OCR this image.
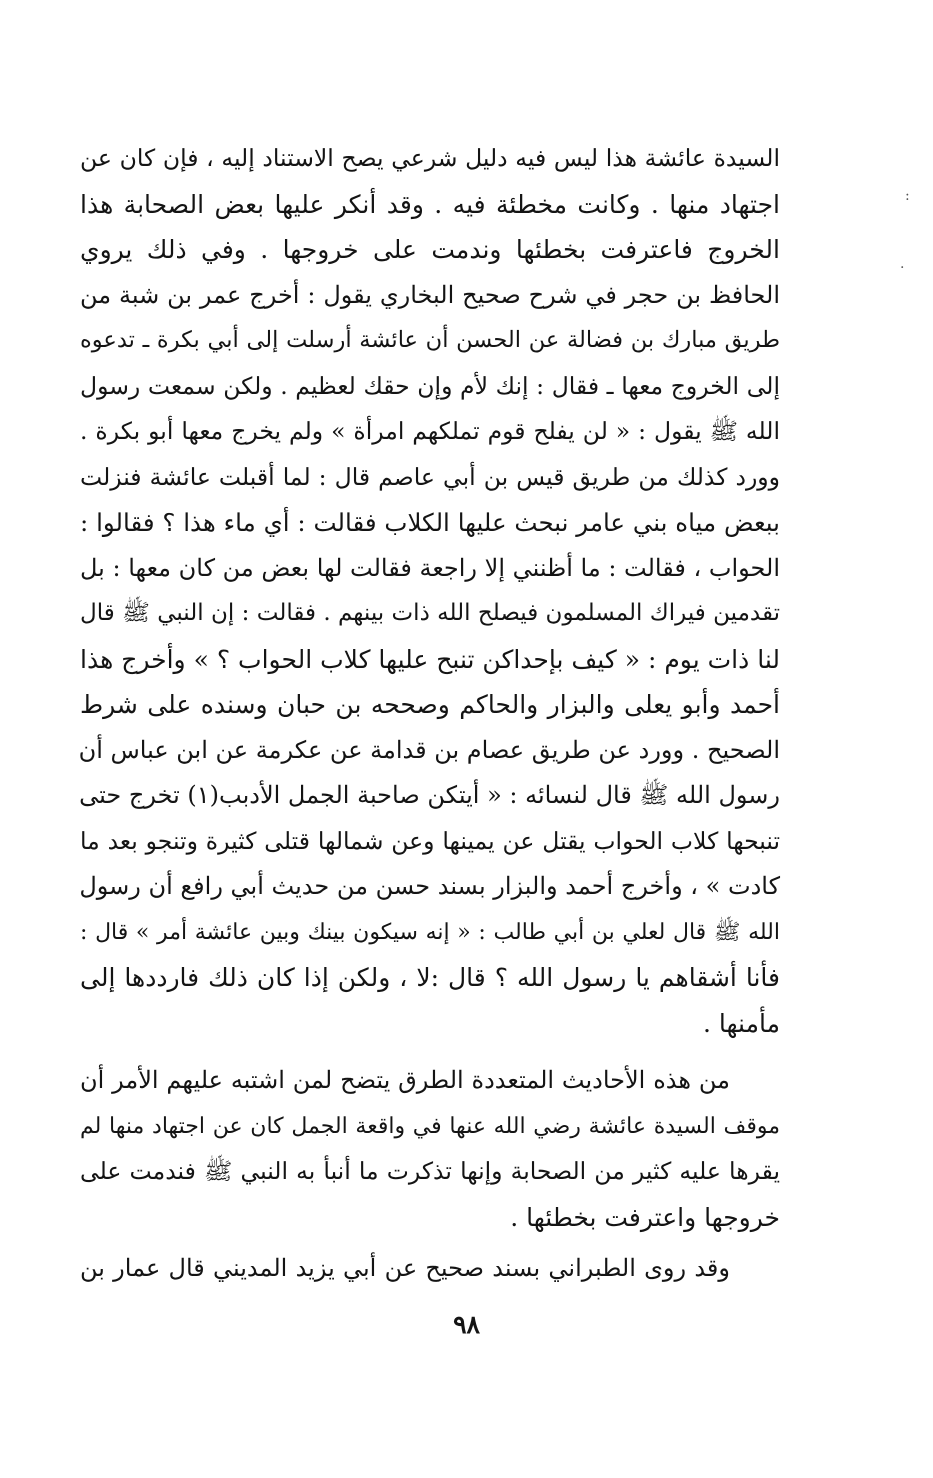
:
.
السيدة عائشة هذا ليس فيه دليل شرعي يصح الاستناد إليه ، فإن كان عن
اجتهاد منها . وكانت مخطئة فيه . وقد أنكر عليها بعض الصحابة هذا
الخروج فاعترفت بخطئها وندمت على خروجها . وفي ذلك يروي
الحافظ بن حجر في شرح صحيح البخاري يقول : أخرج عمر بن شبة من
طريق مبارك بن فضالة عن الحسن أن عائشة أرسلت إلى أبي بكرة ـ تدعوه
إلى الخروج معها ـ فقال : إنك لأم وإن حقك لعظيم . ولكن سمعت رسول
الله ﷺ يقول : « لن يفلح قوم تملكهم امرأة » ولم يخرج معها أبو بكرة .
وورد كذلك من طريق قيس بن أبي عاصم قال : لما أقبلت عائشة فنزلت
ببعض مياه بني عامر نبحث عليها الكلاب فقالت : أي ماء هذا ؟ فقالوا :
الحواب ، فقالت : ما أظنني إلا راجعة فقالت لها بعض من كان معها : بل
تقدمين فيراك المسلمون فيصلح الله ذات بينهم . فقالت : إن النبي ﷺ قال
لنا ذات يوم : « كيف بإحداكن تنبح عليها كلاب الحواب ؟ » وأخرج هذا
أحمد وأبو يعلى والبزار والحاكم وصححه بن حبان وسنده على شرط
الصحيح . وورد عن طريق عصام بن قدامة عن عكرمة عن ابن عباس أن
رسول الله ﷺ قال لنسائه : « أيتكن صاحبة الجمل الأدبب(١) تخرج حتى
تنبحها كلاب الحواب يقتل عن يمينها وعن شمالها قتلى كثيرة وتنجو بعد ما
كادت » ، وأخرج أحمد والبزار بسند حسن من حديث أبي رافع أن رسول
الله ﷺ قال لعلي بن أبي طالب : « إنه سيكون بينك وبين عائشة أمر » قال :
فأنا أشقاهم يا رسول الله ؟ قال :لا ، ولكن إذا كان ذلك فارددها إلى
مأمنها .
من هذه الأحاديث المتعددة الطرق يتضح لمن اشتبه عليهم الأمر أن
موقف السيدة عائشة رضي الله عنها في واقعة الجمل كان عن اجتهاد منها لم
يقرها عليه كثير من الصحابة وإنها تذكرت ما أنبأ به النبي ﷺ فندمت على
خروجها واعترفت بخطئها .
وقد روى الطبراني بسند صحيح عن أبي يزيد المديني قال عمار بن
٩٨
